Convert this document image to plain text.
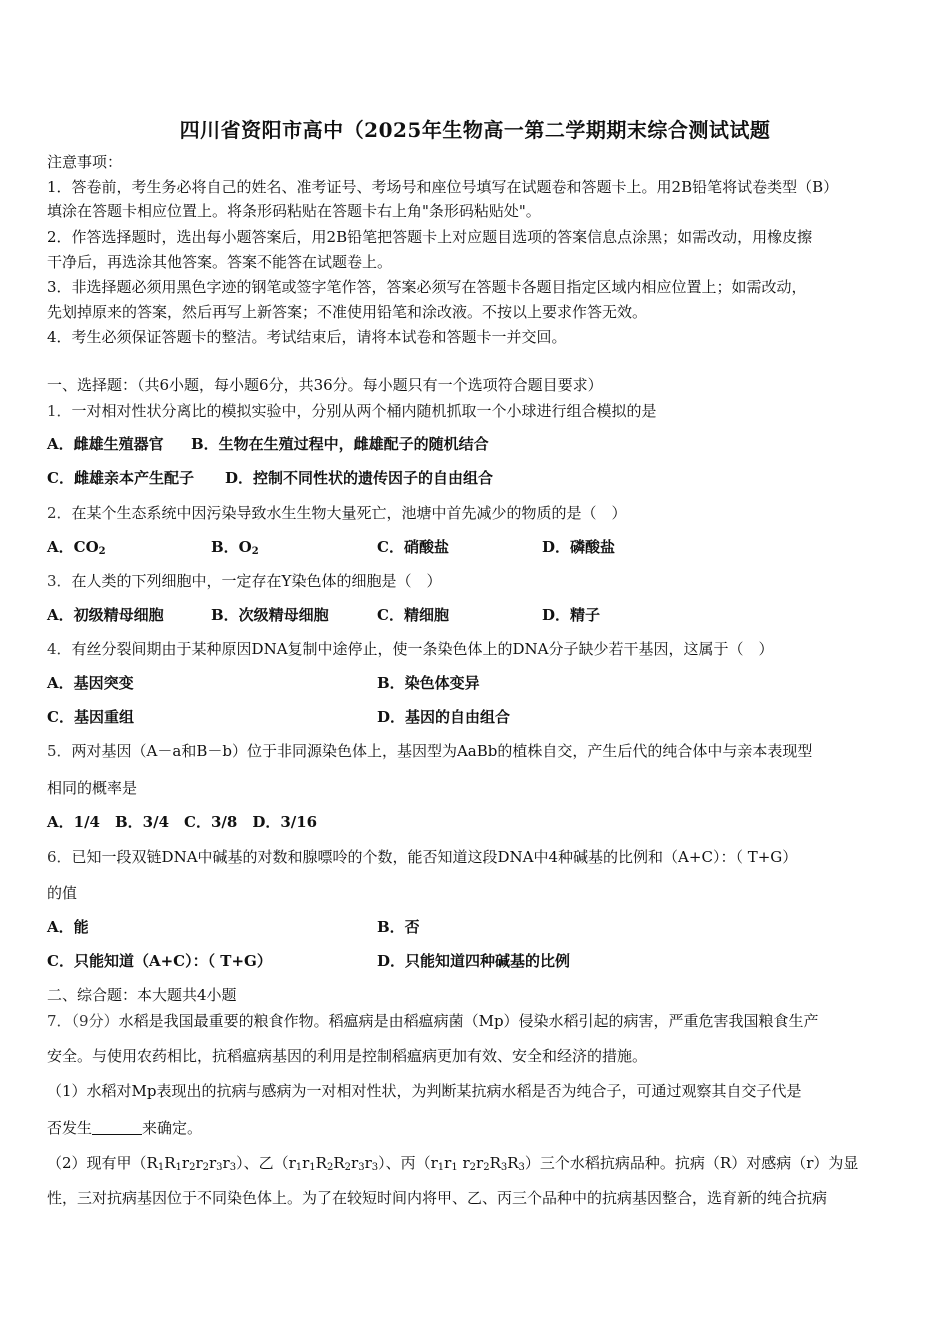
四川省资阳市高中（2025年生物高一第二学期期末综合测试试题
注意事项：
1．答卷前，考生务必将自己的姓名、准考证号、考场号和座位号填写在试题卷和答题卡上。用2B铅笔将试卷类型（B）
填涂在答题卡相应位置上。将条形码粘贴在答题卡右上角"条形码粘贴处"。
2．作答选择题时，选出每小题答案后，用2B铅笔把答题卡上对应题目选项的答案信息点涂黑；如需改动，用橡皮擦
干净后，再选涂其他答案。答案不能答在试题卷上。
3．非选择题必须用黑色字迹的钢笔或签字笔作答，答案必须写在答题卡各题目指定区域内相应位置上；如需改动，
先划掉原来的答案，然后再写上新答案；不准使用铅笔和涂改液。不按以上要求作答无效。
4．考生必须保证答题卡的整洁。考试结束后，请将本试卷和答题卡一并交回。
一、选择题：（共6小题，每小题6分，共36分。每小题只有一个选项符合题目要求）
1．一对相对性状分离比的模拟实验中，分别从两个桶内随机抓取一个小球进行组合模拟的是
A．雌雄生殖器官 B．生物在生殖过程中，雌雄配子的随机结合
C．雌雄亲本产生配子 D．控制不同性状的遗传因子的自由组合
2．在某个生态系统中因污染导致水生生物大量死亡，池塘中首先减少的物质的是（　）
A．$CO_2$	B．$O_2$	C．硝酸盐	D．磷酸盐
3．在人类的下列细胞中，一定存在Y染色体的细胞是（　）
A．初级精母细胞	B．次级精母细胞	C．精细胞	D．精子
4．有丝分裂间期由于某种原因DNA复制中途停止，使一条染色体上的DNA分子缺少若干基因，这属于（　）
A．基因突变	B．染色体变异
C．基因重组	D．基因的自由组合
5．两对基因（A－a和B－b）位于非同源染色体上，基因型为AaBb的植株自交，产生后代的纯合体中与亲本表现型
相同的概率是
A．1/4　B．3/4　C．3/8　D．3/16
6．已知一段双链DNA中碱基的对数和腺嘌呤的个数，能否知道这段DNA中4种碱基的比例和（A+C）：（ T+G）
的值
A．能	B．否
C．只能知道（A+C）：（ T+G）	D．只能知道四种碱基的比例
二、综合题：本大题共4小题
7．（9分）水稻是我国最重要的粮食作物。稻瘟病是由稻瘟病菌（Mp）侵染水稻引起的病害，严重危害我国粮食生产
安全。与使用农药相比，抗稻瘟病基因的利用是控制稻瘟病更加有效、安全和经济的措施。
（1）水稻对Mp表现出的抗病与感病为一对相对性状，为判断某抗病水稻是否为纯合子，可通过观察其自交子代是
否发生	来确定。
（2）现有甲$(R_1R_1r_2r_2r_3r_3)$、乙$(r_1r_1R_2R_2r_3r_3)$、丙（$r_1r_1$ $r_2r_2R_3R_3$）三个水稻抗病品种。抗病（R）对感病（r）为显
性，三对抗病基因位于不同染色体上。为了在较短时间内将甲、乙、丙三个品种中的抗病基因整合，选育新的纯合抗病
